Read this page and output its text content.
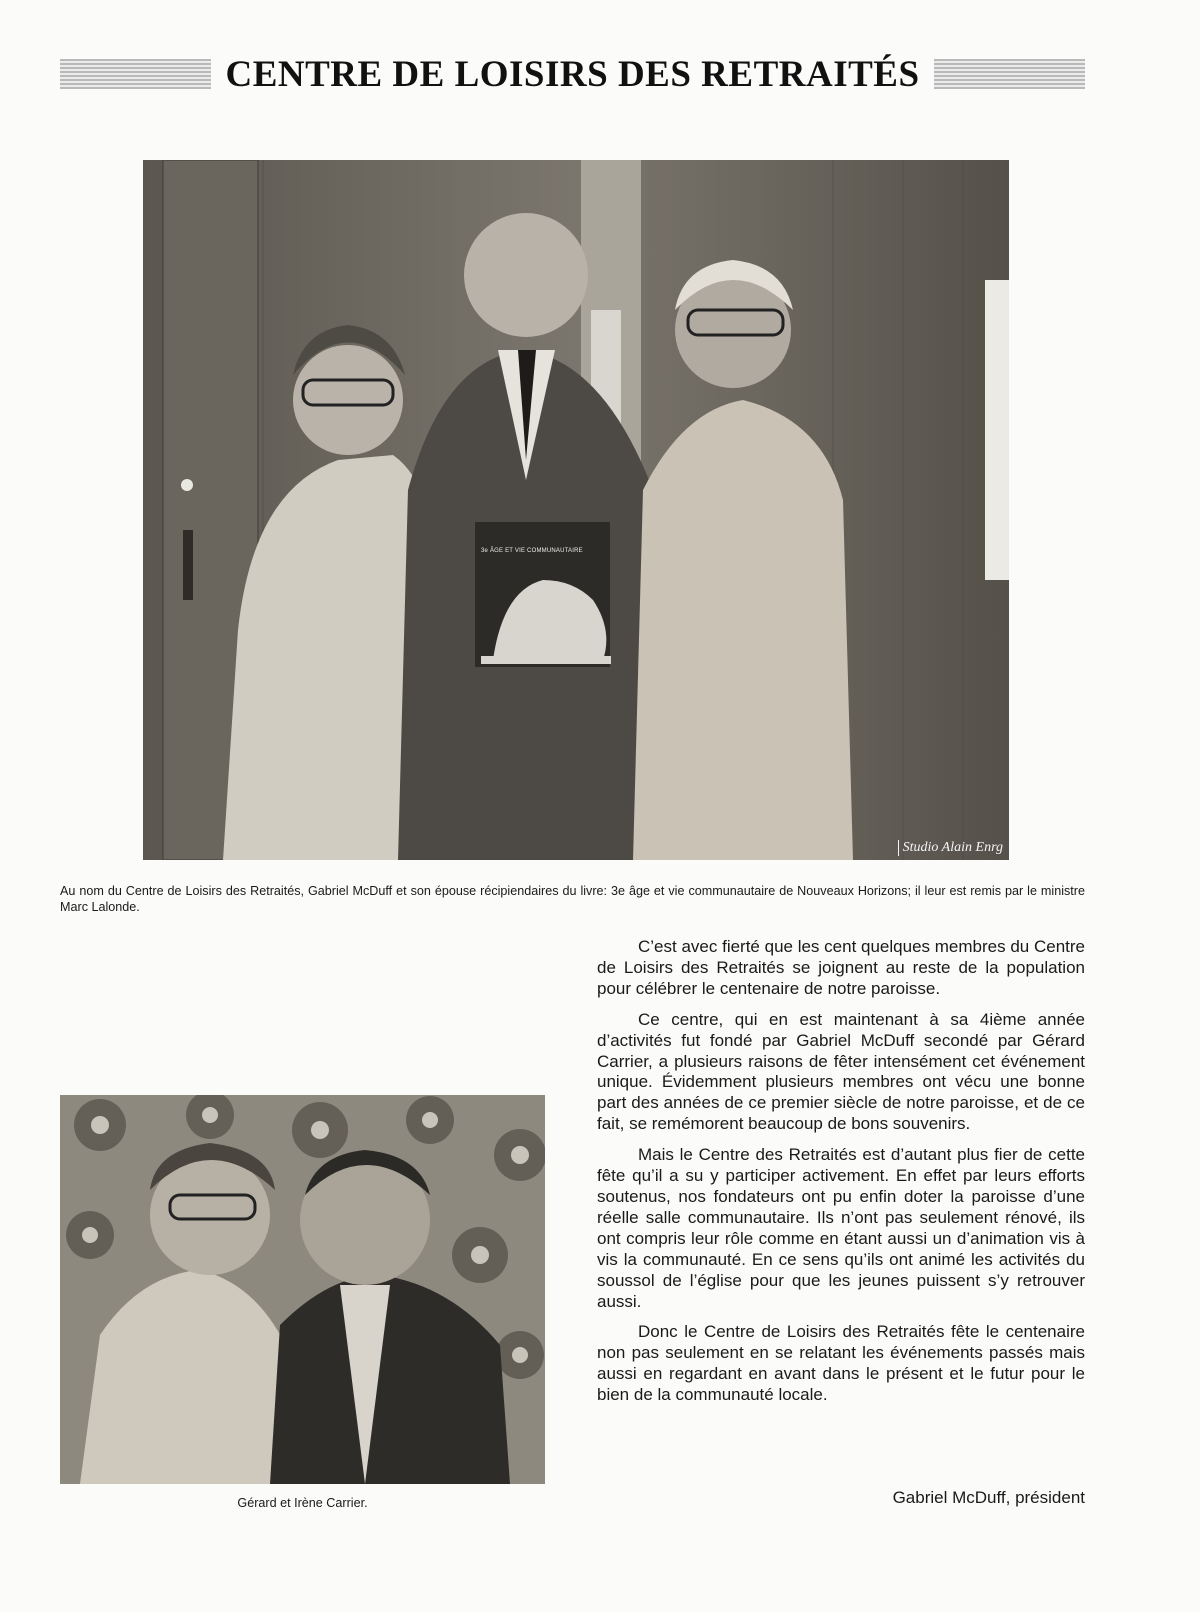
CENTRE DE LOISIRS DES RETRAITÉS
3e ÂGE ET VIE COMMUNAUTAIRE
Studio Alain Enrg
Au nom du Centre de Loisirs des Retraités, Gabriel McDuff et son épouse récipiendaires du livre: 3e âge et vie communautaire de Nouveaux Horizons; il leur est remis par le ministre Marc Lalonde.
Gérard et Irène Carrier.

C’est avec fierté que les cent quelques membres du Centre de Loisirs des Retraités se joignent au reste de la population pour célébrer le centenaire de notre paroisse.

Ce centre, qui en est maintenant à sa 4ième année d’activités fut fondé par Gabriel McDuff secondé par Gérard Carrier, a plusieurs raisons de fêter intensément cet événement unique. Évidemment plusieurs membres ont vécu une bonne part des années de ce premier siècle de notre paroisse, et de ce fait, se remémorent beaucoup de bons souvenirs.

Mais le Centre des Retraités est d’autant plus fier de cette fête qu’il a su y participer activement. En effet par leurs efforts soutenus, nos fondateurs ont pu enfin doter la paroisse d’une réelle salle communautaire. Ils n’ont pas seulement rénové, ils ont compris leur rôle comme en étant aussi un d’animation vis à vis la communauté. En ce sens qu’ils ont animé les activités du soussol de l’église pour que les jeunes puissent s’y retrouver aussi.

Donc le Centre de Loisirs des Retraités fête le centenaire non pas seulement en se relatant les événements passés mais aussi en regardant en avant dans le présent et le futur pour le bien de la communauté locale.

Gabriel McDuff, président
